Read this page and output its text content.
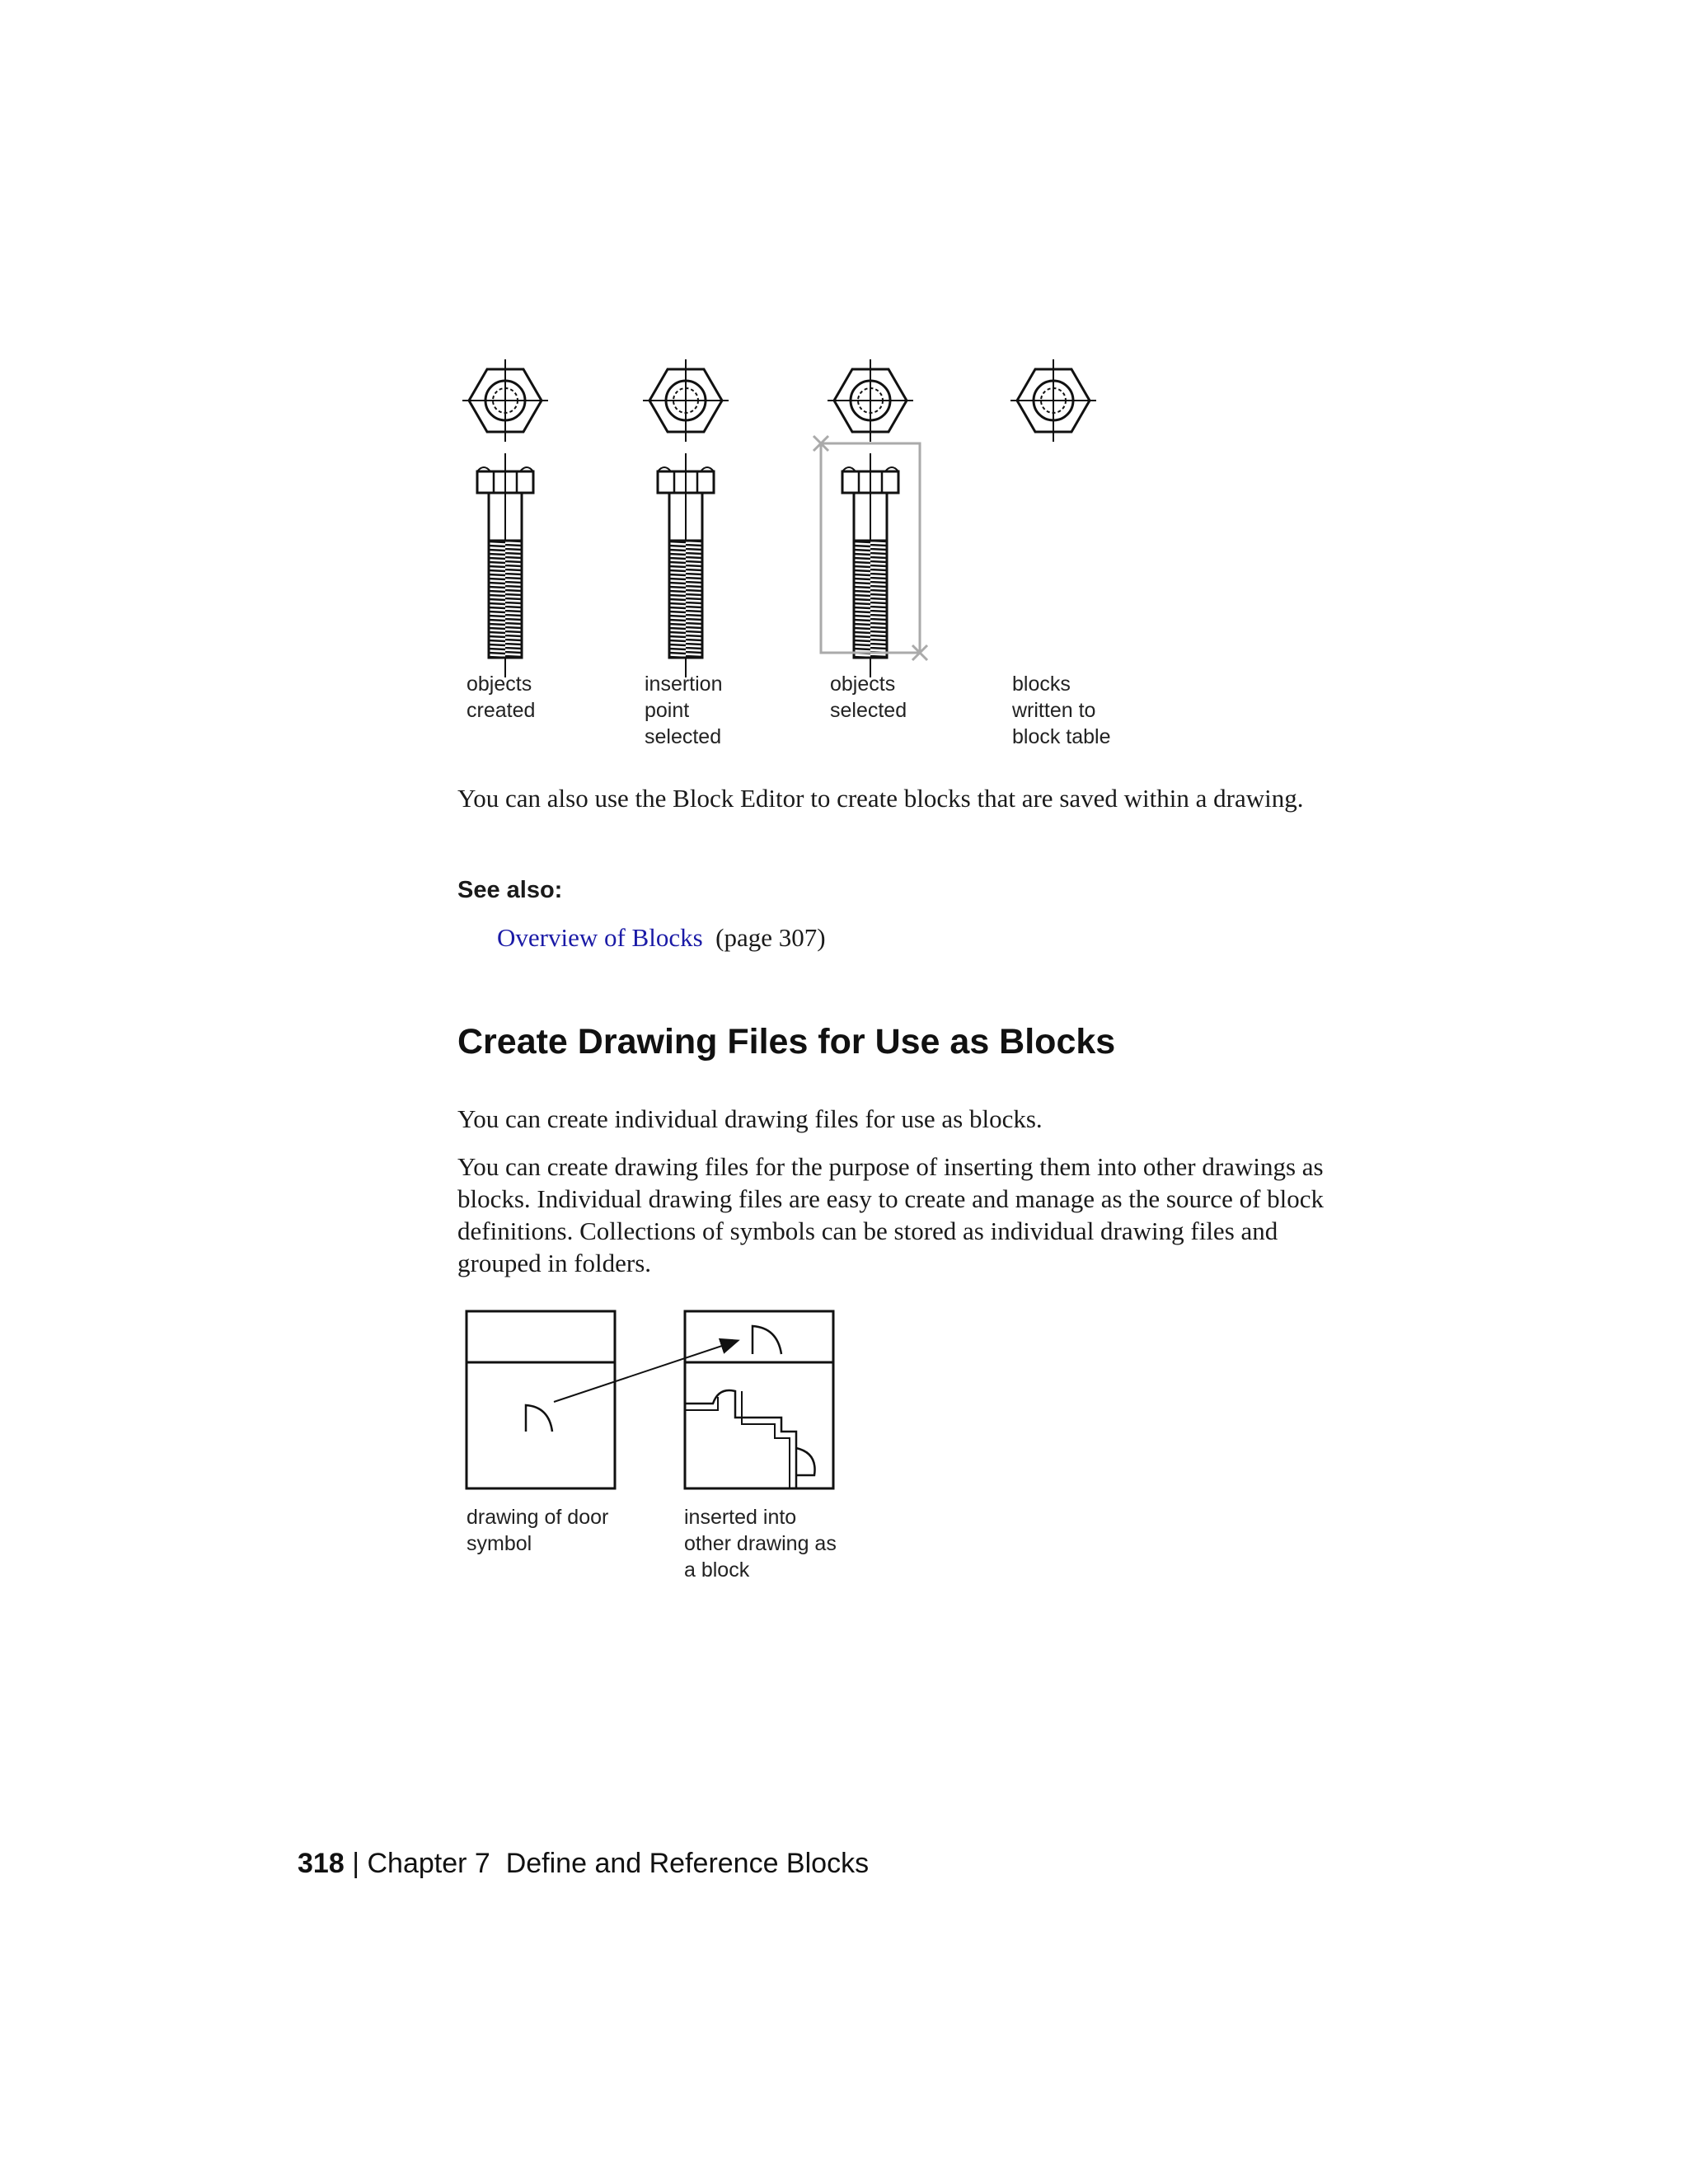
objects
created
insertion
point
selected
objects
selected
blocks
written to
block table
You can also use the Block Editor to create blocks that are saved within a drawing.
See also:
Overview of Blocks (page 307)
Create Drawing Files for Use as Blocks
You can create individual drawing files for use as blocks.
You can create drawing files for the purpose of inserting them into other drawings as blocks. Individual drawing files are easy to create and manage as the source of block definitions. Collections of symbols can be stored as individual drawing files and grouped in folders.
drawing of door
symbol
inserted into
other drawing as
a block
318 | Chapter 7 Define and Reference Blocks
